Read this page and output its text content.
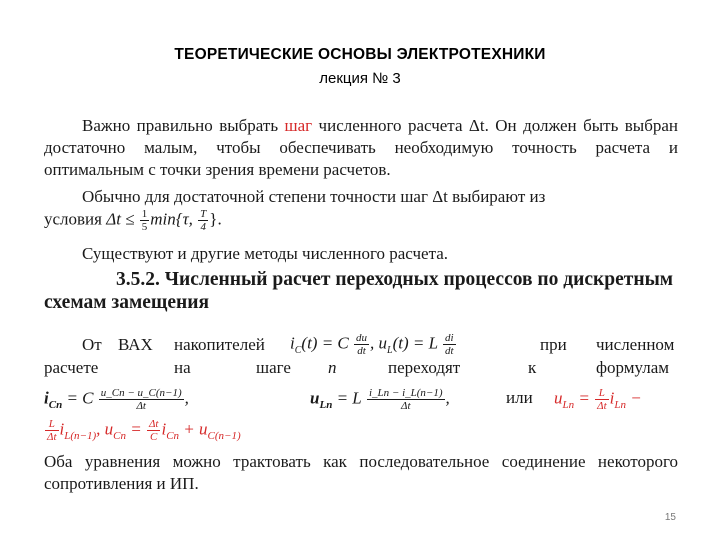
ТЕОРЕТИЧЕСКИЕ ОСНОВЫ ЭЛЕКТРОТЕХНИКИ
лекция № 3
Важно правильно выбрать шаг численного расчета Δt. Он должен быть выбран достаточно малым, чтобы обеспечивать необходимую точность расчета и оптимальным с точки зрения времени расчетов.
Обычно для достаточной степени точности шаг Δt выбирают из
условия $\Delta t \le \frac{1}{5} \min\{\tau$, $\frac{T}{4}$ }.
Существуют и другие методы численного расчета.
3.5.2. Численный расчет переходных процессов по дискретным схемам замещения
От ВАХ накопителей $i_C(t) = C \frac{du}{dt}$ , $u_L(t) = L \frac{di}{dt}$	при численном
расчете	на	шаге n	переходят	к	формулам
$i_{Cn} = C \frac{u\_Cn - u\_C(n-1)}{\Delta t}$ ,	$u_{Ln} = L \frac{i\_Ln - i\_L(n-1)}{\Delta t}$ ,	или $u_{Ln} = \frac{L}{\Delta t} i_{Ln}$ −
$\frac{L}{\Delta t} i_{L(n-1)}$, $u_{Cn} = \frac{\Delta t}{C} i_{Cn} + u_{C(n-1)}$
Оба уравнения можно трактовать как последовательное соединение некоторого сопротивления и ИП.
15
